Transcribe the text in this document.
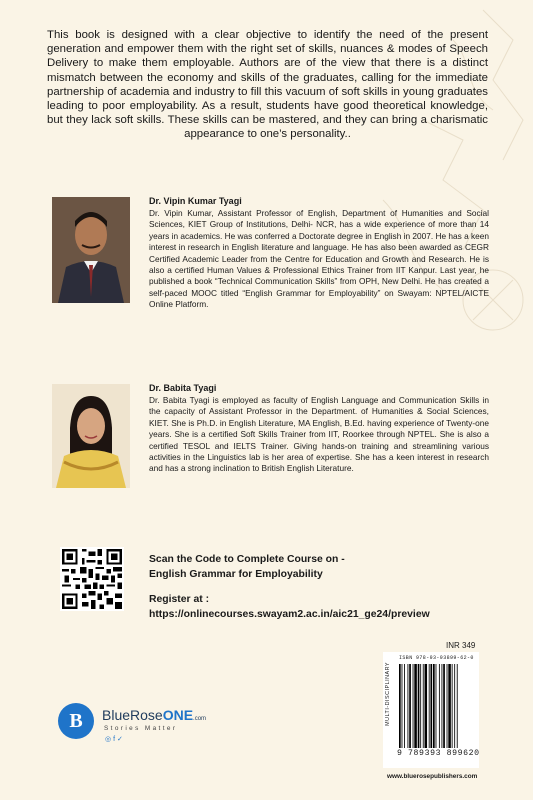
This book is designed with a clear objective to identify the need of the present generation and empower them with the right set of skills, nuances & modes of Speech Delivery to make them employable. Authors are of the view that there is a distinct mismatch between the economy and skills of the graduates, calling for the immediate partnership of academia and industry to fill this vacuum of soft skills in young graduates leading to poor employability. As a result, students have good theoretical knowledge, but they lack soft skills. These skills can be mastered, and they can bring a charismatic appearance to one’s personality..

Dr. Vipin Kumar Tyagi

Dr. Vipin Kumar, Assistant Professor of English, Department of Humanities and Social Sciences, KIET Group of Institutions, Delhi- NCR, has a wide experience of more than 14 years in academics. He was conferred a Doctorate degree in English in 2007. He has a keen interest in research in English literature and language. He has also been awarded as CEGR Certified Academic Leader from the Centre for Education and Growth and Research. He is also a certified Human Values & Professional Ethics Trainer from IIT Kanpur. Last year, he published a book “Technical Communication Skills” from OPH, New Delhi. He has created a self-paced MOOC titled “English Grammar for Employability” on Swayam: NPTEL/AICTE Online Platform.

Dr. Babita Tyagi

Dr. Babita Tyagi is employed as faculty of English Language and Communication Skills in the capacity of Assistant Professor in the Department. of Humanities & Social Sciences, KIET. She is Ph.D. in English Literature, MA English, B.Ed. having experience of Twenty-one years. She is a certified Soft Skills Trainer from IIT, Roorkee through NPTEL. She is also a certified TESOL and IELTS Trainer. Giving hands-on training and streamlining various activities in the Linguistics lab is her area of expertise. She has a keen interest in research and has a strong inclination to British English Literature.

Scan the Code to Complete Course on -
English Grammar for Employability
Register at :
https://onlinecourses.swayam2.ac.in/aic21_ge24/preview
B	BlueRoseONE.com
Stories Matter
◎ f ✓
INR 349
ISBN 978-93-93899-62-0
MULTI-DISCIPLINARY
9 789393 899620
www.bluerosepublishers.com
